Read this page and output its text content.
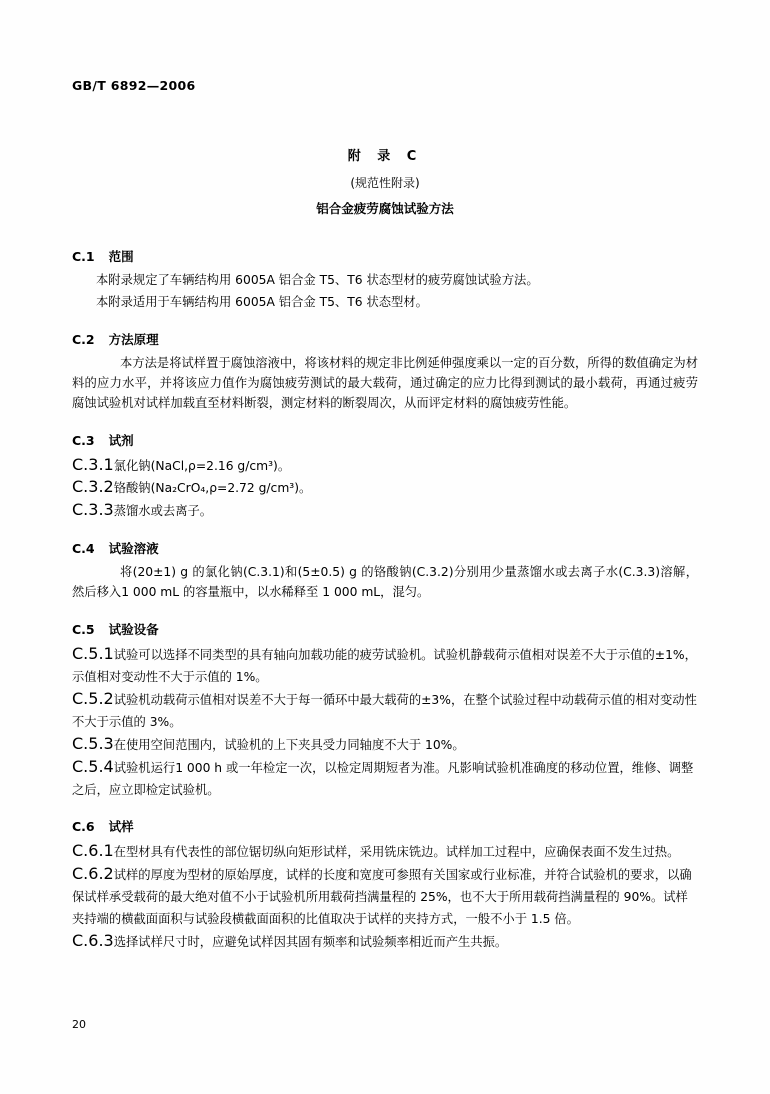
GB/T 6892—2006
附 录 C
(规范性附录)
铝合金疲劳腐蚀试验方法
C.1 范围
本附录规定了车辆结构用 6005A 铝合金 T5、T6 状态型材的疲劳腐蚀试验方法。
本附录适用于车辆结构用 6005A 铝合金 T5、T6 状态型材。
C.2 方法原理
本方法是将试样置于腐蚀溶液中，将该材料的规定非比例延伸强度乘以一定的百分数，所得的数值确定为材料的应力水平，并将该应力值作为腐蚀疲劳测试的最大载荷，通过确定的应力比得到测试的最小载荷，再通过疲劳腐蚀试验机对试样加载直至材料断裂，测定材料的断裂周次，从而评定材料的腐蚀疲劳性能。
C.3 试剂
C.3.1氯化钠(NaCl,ρ=2.16 g/cm³)。
C.3.2铬酸钠(Na₂CrO₄,ρ=2.72 g/cm³)。
C.3.3蒸馏水或去离子。
C.4 试验溶液
将(20±1) g 的氯化钠(C.3.1)和(5±0.5) g 的铬酸钠(C.3.2)分别用少量蒸馏水或去离子水(C.3.3)溶解，然后移入1 000 mL 的容量瓶中，以水稀释至 1 000 mL，混匀。
C.5 试验设备
C.5.1试验可以选择不同类型的具有轴向加载功能的疲劳试验机。试验机静载荷示值相对误差不大于示值的±1%，示值相对变动性不大于示值的 1%。
C.5.2试验机动载荷示值相对误差不大于每一循环中最大载荷的±3%，在整个试验过程中动载荷示值的相对变动性不大于示值的 3%。
C.5.3在使用空间范围内，试验机的上下夹具受力同轴度不大于 10%。
C.5.4试验机运行1 000 h 或一年检定一次，以检定周期短者为准。凡影响试验机准确度的移动位置，维修、调整之后，应立即检定试验机。
C.6 试样
C.6.1在型材具有代表性的部位锯切纵向矩形试样，采用铣床铣边。试样加工过程中，应确保表面不发生过热。
C.6.2试样的厚度为型材的原始厚度，试样的长度和宽度可参照有关国家或行业标准，并符合试验机的要求，以确保试样承受载荷的最大绝对值不小于试验机所用载荷挡满量程的 25%，也不大于所用载荷挡满量程的 90%。试样夹持端的横截面面积与试验段横截面面积的比值取决于试样的夹持方式，一般不小于 1.5 倍。
C.6.3选择试样尺寸时，应避免试样因其固有频率和试验频率相近而产生共振。
20
